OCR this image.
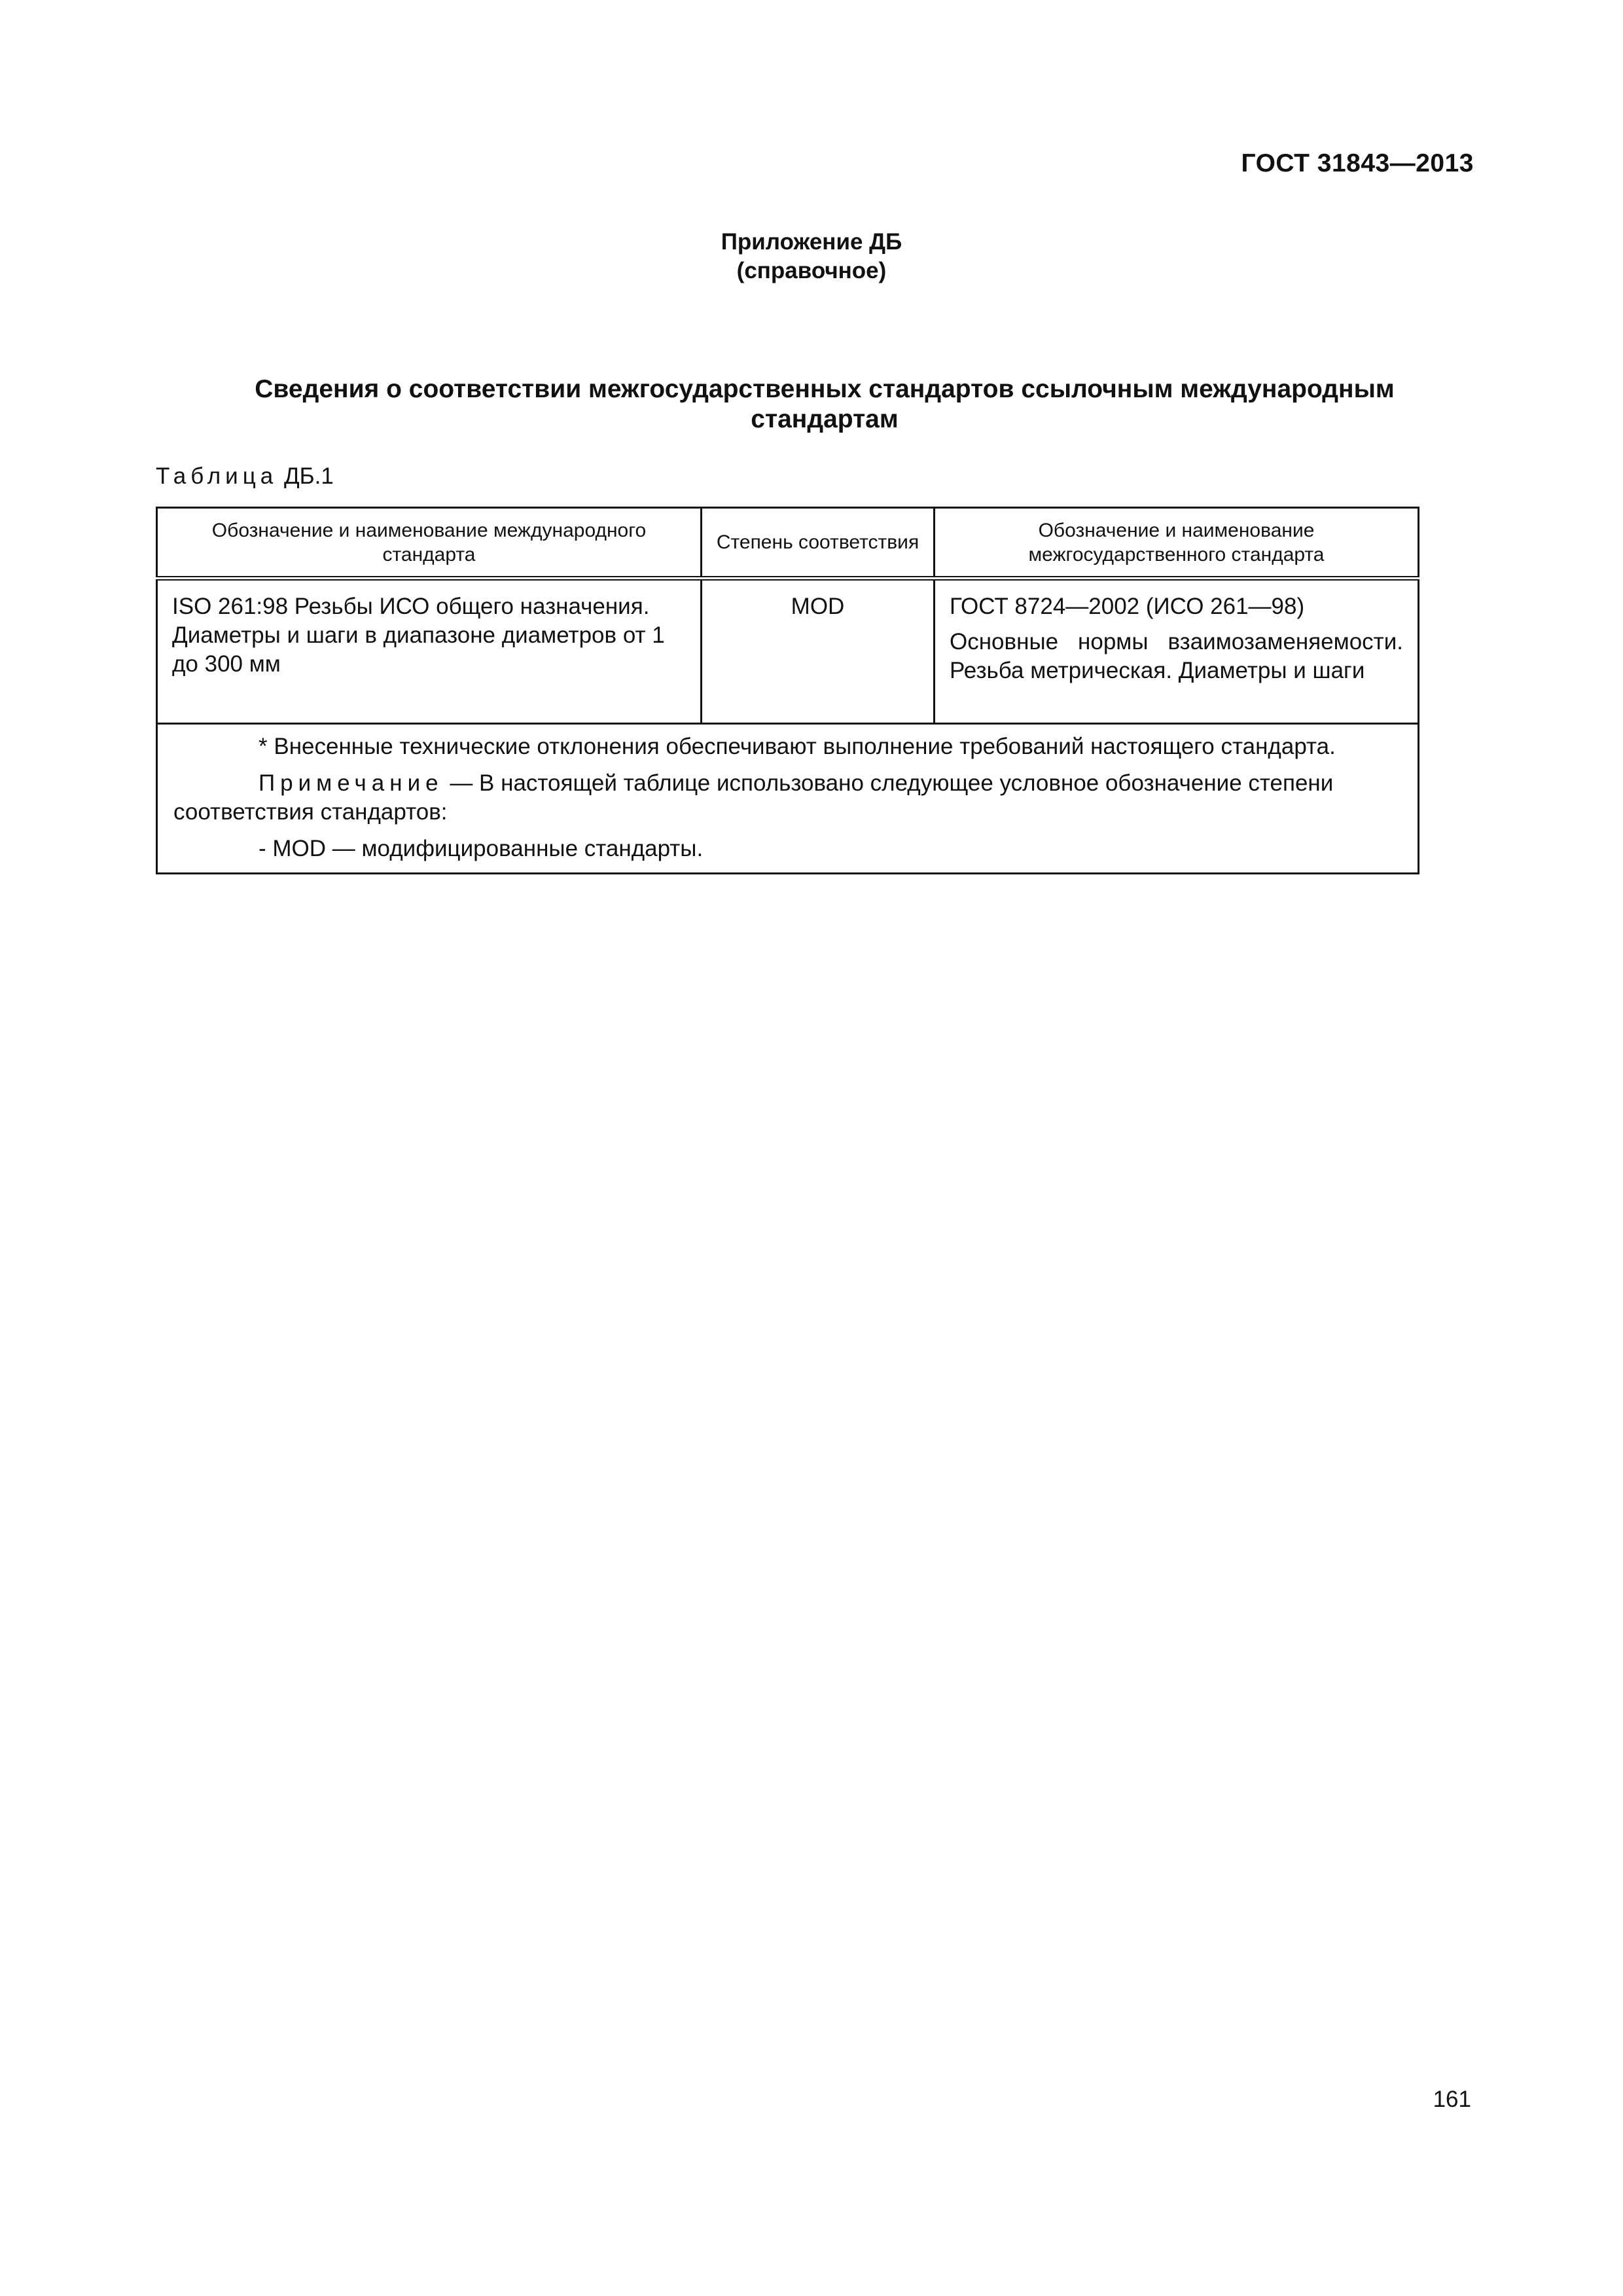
ГОСТ 31843—2013
Приложение ДБ
(справочное)
Сведения о соответствии межгосударственных стандартов ссылочным международным
стандартам
Таблица ДБ.1
Обозначение и наименование международного стандарта	Степень соответствия	Обозначение и наименование межгосударственного стандарта

ISO 261:98 Резьбы ИСО общего назначения. Диаметры и шаги в диапазоне диаметров от 1 до 300 мм	MOD	ГОСТ 8724—2002 (ИСО 261—98)
Основные нормы взаимозаменяемости. Резьба метрическая. Диаметры и шаги

* Внесенные технические отклонения обеспечивают выполнение требований настоящего стандарта.
Примечание — В настоящей таблице использовано следующее условное обозначение степени соответствия стандартов:
- MOD — модифицированные стандарты.		
161
